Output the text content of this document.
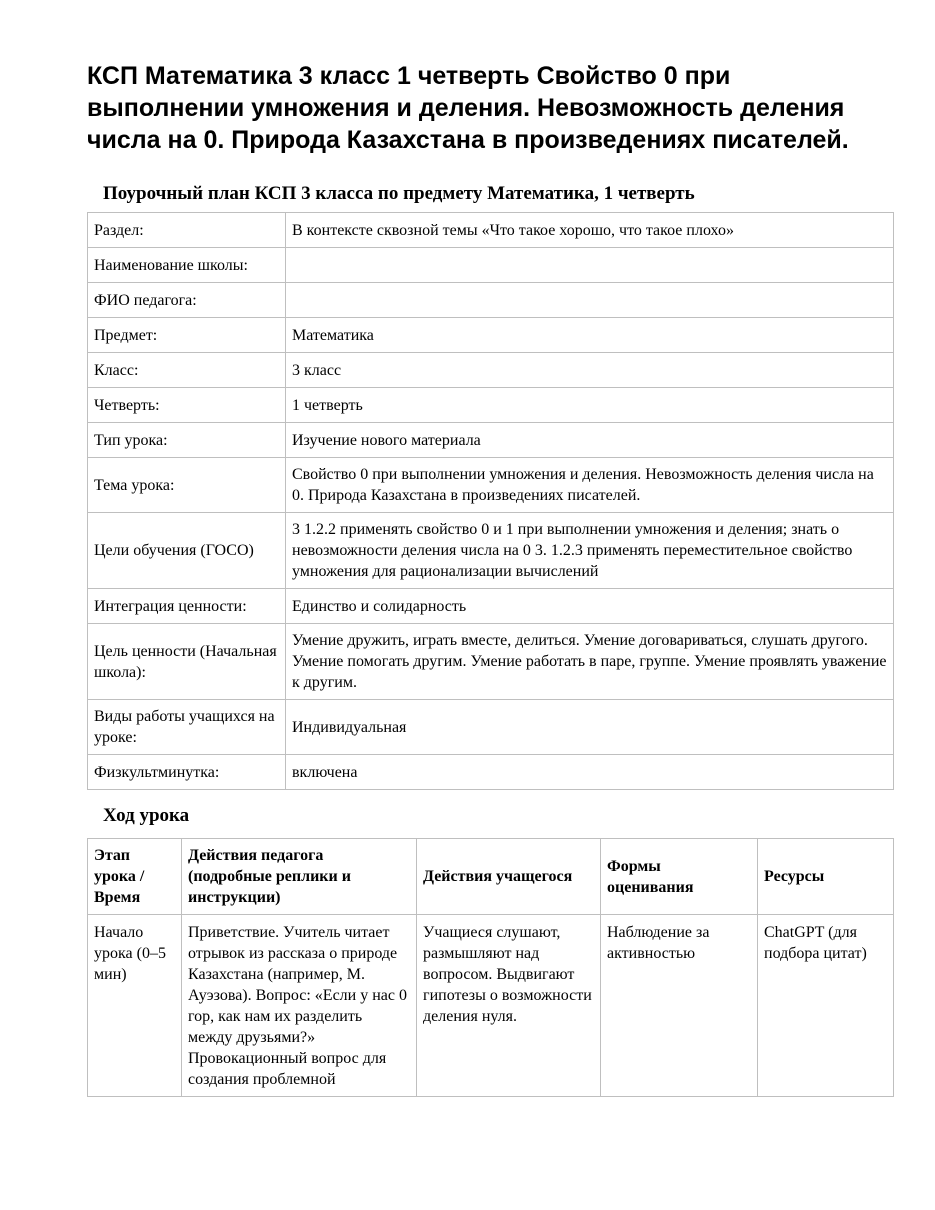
КСП Математика 3 класс 1 четверть Свойство 0 при выполнении умножения и деления. Невозможность деления числа на 0. Природа Казахстана в произведениях писателей.
Поурочный план КСП 3 класса по предмету Математика, 1 четверть
Раздел:	В контексте сквозной темы «Что такое хорошо, что такое плохо»
Наименование школы:	
ФИО педагога:	
Предмет:	Математика
Класс:	3 класс
Четверть:	1 четверть
Тип урока:	Изучение нового материала
Тема урока:	Свойство 0 при выполнении умножения и деления. Невозможность деления числа на 0. Природа Казахстана в произведениях писателей.
Цели обучения (ГОСО)	3 1.2.2 применять свойство 0 и 1 при выполнении умножения и деления; знать о невозможности деления числа на 0 3. 1.2.3 применять переместительное свойство умножения для рационализации вычислений
Интеграция ценности:	Единство и солидарность
Цель ценности (Начальная школа):	Умение дружить, играть вместе, делиться. Умение договариваться, слушать другого. Умение помогать другим. Умение работать в паре, группе. Умение проявлять уважение к другим.
Виды работы учащихся на уроке:	Индивидуальная
Физкультминутка:	включена
Ход урока
Этап урока / Время	Действия педагога (подробные реплики и инструкции)	Действия учащегося	Формы оценивания	Ресурсы
Начало урока (0–5 мин)	Приветствие. Учитель читает отрывок из рассказа о природе Казахстана (например, М. Ауэзова). Вопрос: «Если у нас 0 гор, как нам их разделить между друзьями?» Провокационный вопрос для создания проблемной	Учащиеся слушают, размышляют над вопросом. Выдвигают гипотезы о возможности деления нуля.	Наблюдение за активностью	ChatGPT (для подбора цитат)
